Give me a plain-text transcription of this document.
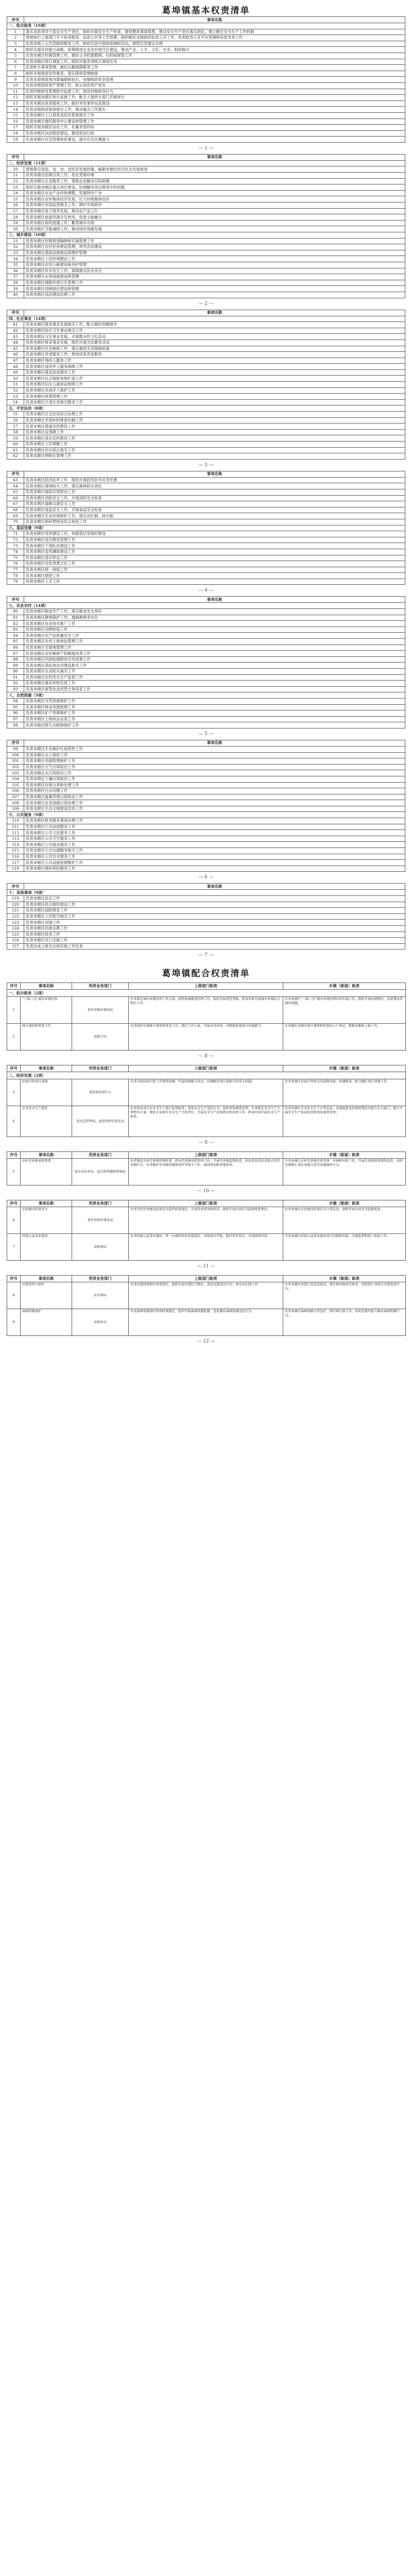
葛埠镇基本权责清单
序号	事项名称
一、综合政务（19项）	
1	落实党政领导干部安全生产责任，组织开展安全生产检查，督促整改事故隐患，推动安全生产责任落实到位，建立健全安全生产工作机制
2	贯彻执行上级部门关于政务服务、信息公开等工作部署，组织做好本级政府信息公开工作，负责政务公开平台管理和信息发布工作
3	负责本级人大代表联络服务工作，组织代表开展视察调研活动，督促代表建议办理
4	组织实施乡村振兴战略，统筹推进农业农村现代化建设，推动产业、人才、文化、生态、组织振兴
5	负责本辖区档案管理工作，做好文书档案整理、归档和保管工作
6	负责本辖区统计调查工作，组织开展各项统计调查任务
7	负责机关事务管理，做好后勤保障服务工作
8	组织开展保密宣传教育，落实保密管理制度
9	负责本级财政预决算编制和执行，加强财政资金管理
10	负责本级国有资产管理工作，防止国有资产流失
11	负责村级财务管理指导监督工作，规范村级财务行为
12	组织开展本辖区审计监督工作，配合上级审计部门开展审计
13	负责本辖区政务值班工作，做好突发事件信息报送
14	负责本级政府督查督办工作，推动重点工作落实
15	负责本辖区人口普查及经济普查相关工作
16	负责本辖区便民服务中心建设和管理工作
17	组织开展本辖区信访工作，化解矛盾纠纷
18	负责本辖区法治政府建设，推进依法行政
19	负责本辖区应急管理体系建设，提升应急处置能力
— 1 —
序号	事项名称
二、经济发展（11项）	
20	贯彻落实国家、省、市、县经济发展政策，编制本辖区经济社会发展规划
21	负责本辖区招商引资工作，优化营商环境
22	负责本辖区企业服务工作，帮助企业解决实际困难
23	组织实施本辖区重点项目建设，协调解决项目推进中的问题
24	负责本辖区农业产业结构调整，发展特色产业
25	负责本辖区农村集体经济发展，壮大村级集体经济
26	负责本辖区市场监管相关工作，维护市场秩序
27	负责本辖区电子商务发展，推动农产品上行
28	负责本辖区旅游资源开发利用，促进文旅融合
29	负责本辖区商贸流通工作，繁荣城乡市场
30	负责本辖区节能减排工作，推动绿色低碳发展
三、城乡建设（10项）	
31	负责本辖区村镇规划编制和实施管理工作
32	负责本辖区农村住房建设管理，规范农房建设
33	负责本辖区基础设施建设和维护管理
34	负责本辖区人居环境整治工作
35	负责本辖区农村公路建设和养护管理
36	负责本辖区饮水安全工作，保障群众饮水安全
37	负责本辖区水利设施建设和管理
38	负责本辖区城镇环境卫生管理工作
39	负责本辖区园林绿化建设和管理
40	负责本辖区违法建设治理工作
— 2 —
序号	事项名称
四、社会事业（14项）	
41	负责本辖区教育事业发展相关工作，配合做好控辍保学
42	负责本辖区医疗卫生事业相关工作
43	负责本辖区文化事业发展，开展群众性文化活动
44	负责本辖区体育事业发展，组织开展全民健身活动
45	负责本辖区社会救助工作，落实最低生活保障政策
46	负责本辖区养老服务工作，推进居家养老服务
47	负责本辖区残疾人服务工作
48	负责本辖区退役军人服务保障工作
49	负责本辖区就业创业服务工作
50	负责本辖区社会保险参保扩面工作
51	负责本辖区妇女儿童权益保障工作
52	负责本辖区未成年人保护工作
53	负责本辖区殡葬管理工作
54	负责本辖区计划生育相关服务工作
五、平安法治（8项）	
55	负责本辖区社会治安综合治理工作
56	负责本辖区矛盾纠纷排查化解工作
57	负责本辖区禁毒宣传教育工作
58	负责本辖区反邪教工作
59	负责本辖区普法宣传教育工作
60	负责本辖区人民调解工作
61	负责本辖区社区矫正相关工作
62	负责本辖区网格化管理工作
— 3 —
序号	事项名称
63	负责本辖区防汛抗旱工作，组织开展防汛抗旱应急处置
64	负责本辖区森林防火工作，落实森林防火责任
65	负责本辖区地质灾害防治工作
66	负责本辖区消防安全工作，开展消防安全检查
67	负责本辖区道路交通安全工作
68	负责本辖区食品安全工作，开展食品安全检查
69	负责本辖区生态环境保护工作，落实河长制、林长制
70	负责本辖区秸秆禁烧及综合利用工作
六、基层党建（9项）	
71	负责本辖区党的建设工作，加强基层党组织建设
72	负责本辖区党员教育管理工作
73	负责本辖区干部队伍建设工作
74	负责本辖区党风廉政建设工作
75	负责本辖区意识形态工作
76	负责本辖区宣传思想文化工作
77	负责本辖区统一战线工作
78	负责本辖区群团工作
79	负责本辖区人才工作
— 4 —
序号	事项名称
七、农业农村（14项）	
80	负责本辖区粮食生产工作，落实粮食安全责任
81	负责本辖区耕地保护工作，遏制耕地非农化
82	负责本辖区农业技术推广工作
83	负责本辖区动物防疫工作
84	负责本辖区农产品质量安全工作
85	负责本辖区农村土地承包管理工作
86	负责本辖区宅基地管理工作
87	负责本辖区农村集体产权制度改革工作
88	负责本辖区巩固拓展脱贫攻坚成果工作
89	负责本辖区高标准农田建设相关工作
90	负责本辖区农业防灾减灾工作
91	负责本辖区农机安全生产监管工作
92	负责本辖区惠农补贴发放工作
93	负责本辖区新型农业经营主体培育工作
八、自然资源（5项）	
94	负责本辖区自然资源保护工作
95	负责本辖区林业资源管理工作
96	负责本辖区矿产资源保护工作
97	负责本辖区土地执法巡查工作
98	负责本辖区野生动植物保护工作
— 5 —
序号	事项名称
99	负责本辖区生态保护红线管控工作
100	负责本辖区水土保持工作
101	负责本辖区河湖管理保护工作
102	负责本辖区大气污染防治工作
103	负责本辖区水污染防治工作
104	负责本辖区土壤污染防治工作
105	负责本辖区垃圾分类和处理工作
106	负责本辖区污水治理工作
107	负责本辖区畜禽养殖污染防治工作
108	负责本辖区农业面源污染治理工作
109	负责本辖区生态文明建设宣传工作
九、公共服务（9项）	
110	负责本辖区政务服务事项办理工作
111	负责本辖区公共法律服务工作
112	负责本辖区公共文化服务工作
113	负责本辖区公共卫生服务工作
114	负责本辖区公共就业服务工作
115	负责本辖区公共交通服务相关工作
116	负责本辖区公共安全服务工作
117	负责本辖区公共设施管理维护工作
118	负责本辖区便民利民服务工作
— 6 —
序号	事项名称
十、其他事项（9项）	
119	负责本辖区征兵工作
120	负责本辖区民兵组织建设工作
121	负责本辖区国防教育工作
122	负责本辖区人民防空相关工作
123	负责本辖区双拥工作
124	负责本辖区民族宗教工作
125	负责本辖区侨务工作
126	负责本辖区对口支援工作
127	负责完成上级交办的其他工作任务
— 7 —
葛埠镇配合权责清单
序号	事项名称	所涉业务部门	上级部门职责	乡镇（街道）职责
一、综合政务（2项）				
1	“三线三边”城乡环境治理	县住房城乡建设局	负责制定城乡环境治理工作方案，统筹协调推进治理工作，组织开展督查考核，指导乡镇开展城乡环境综合整治工作。	负责本辖区“三线三边”城乡环境治理具体实施工作，组织开展环境整治，及时整改发现的问题。
2	统计调查和普查工作	县统计局	负责组织实施统计调查和普查工作，制定工作方案，开展业务培训，对数据质量进行审核把关。	负责做好本辖区统计调查和普查的入户登记、数据采集和上报工作。
— 8 —
序号	事项名称	所涉业务部门	上级部门职责	乡镇（街道）职责
二、经济发展（2项）				
3	招商引资项目落地	县投资促进中心	负责全县招商引资工作统筹协调，开展招商推介活动，协调解决项目落地中的重大问题。	负责本辖区招商引资项目的前期对接、协调服务，配合做好项目落地工作。
4	企业安全生产监管	县应急管理局、县经济和信息化局	负责依法对企业安全生产进行监督检查，查处安全生产违法行为，组织事故调查处理。负责制定安全生产专项整治方案，督促企业落实安全生产主体责任，开展安全生产宣传教育和培训工作，指导乡镇开展安全生产检查。	负责本辖区企业安全生产日常巡查，发现隐患及时督促整改并报告有关部门，配合开展安全生产执法检查和事故调查处理。
— 9 —
序号	事项名称	所涉业务部门	上级部门职责	乡镇（街道）职责
5	农村宅基地审批管理	县农业农村局、县自然资源和规划局	负责制定农村宅基地管理政策，指导宅基地审批管理工作，开展宅基地监督检查，依法查处违法违规占用宅基地行为。负责做好宅基地用地规划许可相关工作，提供规划和用地指导。	负责本辖区农村宅基地申请受理、审核和审批工作，开展宅基地使用情况巡查，及时发现制止违法违规占用宅基地建房行为。
— 10 —
序号	事项名称	所涉业务部门	上级部门职责	乡镇（街道）职责
6	农房建设质量安全	县住房城乡建设局	负责农村住房建设质量安全监管政策制定，开展技术指导和培训，组织开展农房安全隐患排查整治。	负责本辖区农房建设质量安全日常巡查，组织开展农房安全隐患排查。
7	村级公益事业建设	县财政局	负责村级公益事业建设一事一议财政奖补政策制定，审核项目申报，拨付奖补资金，开展绩效评价。	负责本辖区村级公益事业建设项目的组织申报、实施监督和竣工验收工作。
— 11 —
序号	事项名称	所涉业务部门	上级部门职责	乡镇（街道）职责
8	河道管理与保护	县水利局	负责河道管理保护政策制定，组织开展河道综合整治，查处河道违法行为，落实河长制工作。	负责本辖区河道日常巡查保洁，落实镇村级河长职责，及时制止并报告河道违法行为。
9	森林资源保护	县林业局	负责森林资源保护管理政策制定，组织开展森林资源监测，查处破坏森林资源违法行为。	负责本辖区森林资源日常巡护，落实林长制工作，及时发现并报告破坏森林资源行为。
— 12 —
